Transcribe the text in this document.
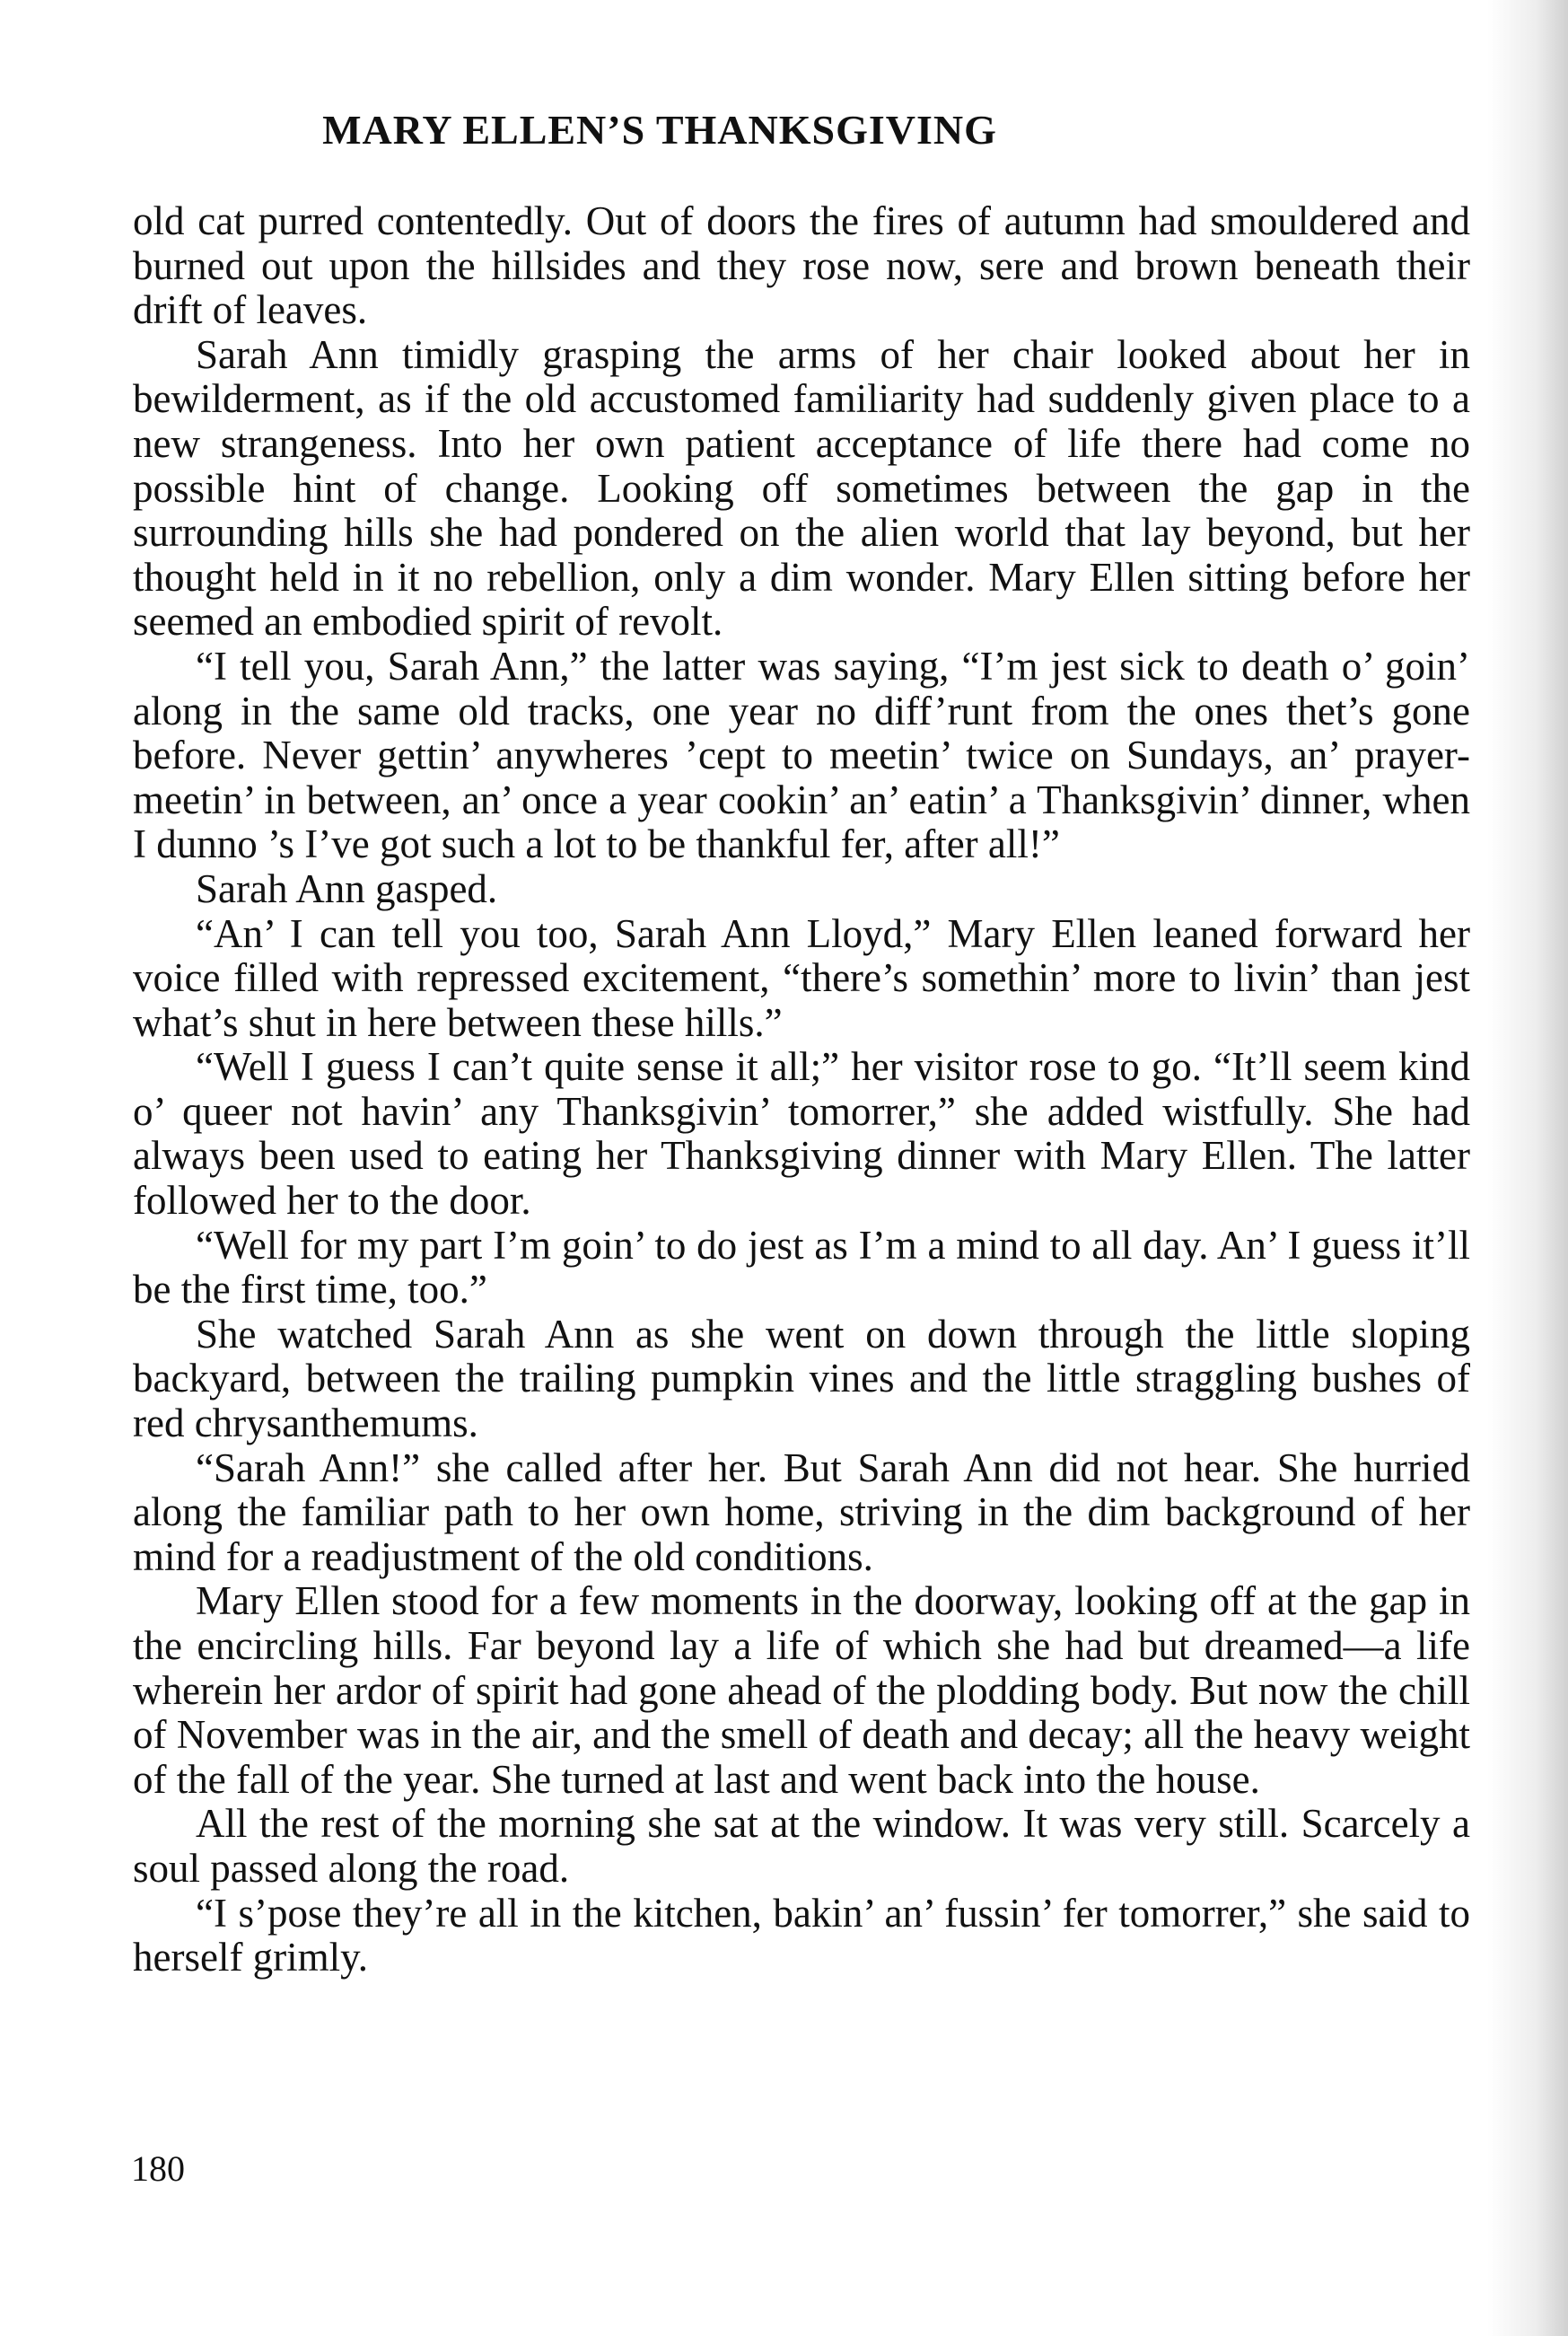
MARY ELLEN’S THANKSGIVING

old cat purred contentedly. Out of doors the fires of autumn had smouldered and burned out upon the hillsides and they rose now, sere and brown beneath their drift of leaves.

Sarah Ann timidly grasping the arms of her chair looked about her in bewilderment, as if the old accustomed familiarity had suddenly given place to a new strangeness. Into her own patient acceptance of life there had come no possible hint of change. Looking off sometimes between the gap in the surrounding hills she had pondered on the alien world that lay beyond, but her thought held in it no rebellion, only a dim wonder. Mary Ellen sitting before her seemed an embodied spirit of revolt.

“I tell you, Sarah Ann,” the latter was saying, “I’m jest sick to death o’ goin’ along in the same old tracks, one year no diff’runt from the ones thet’s gone before. Never gettin’ anywheres ’cept to meetin’ twice on Sundays, an’ prayer-meetin’ in between, an’ once a year cookin’ an’ eatin’ a Thanksgivin’ dinner, when I dunno ’s I’ve got such a lot to be thankful fer, after all!”

Sarah Ann gasped.

“An’ I can tell you too, Sarah Ann Lloyd,” Mary Ellen leaned forward her voice filled with repressed excitement, “there’s somethin’ more to livin’ than jest what’s shut in here between these hills.”

“Well I guess I can’t quite sense it all;” her visitor rose to go. “It’ll seem kind o’ queer not havin’ any Thanksgivin’ tomorrer,” she added wistfully. She had always been used to eating her Thanksgiving dinner with Mary Ellen. The latter followed her to the door.

“Well for my part I’m goin’ to do jest as I’m a mind to all day. An’ I guess it’ll be the first time, too.”

She watched Sarah Ann as she went on down through the little sloping backyard, between the trailing pumpkin vines and the little straggling bushes of red chrysanthemums.

“Sarah Ann!” she called after her. But Sarah Ann did not hear. She hurried along the familiar path to her own home, striving in the dim background of her mind for a readjustment of the old conditions.

Mary Ellen stood for a few moments in the doorway, looking off at the gap in the encircling hills. Far beyond lay a life of which she had but dreamed—a life wherein her ardor of spirit had gone ahead of the plodding body. But now the chill of November was in the air, and the smell of death and decay; all the heavy weight of the fall of the year. She turned at last and went back into the house.

All the rest of the morning she sat at the window. It was very still. Scarcely a soul passed along the road.

“I s’pose they’re all in the kitchen, bakin’ an’ fussin’ fer tomorrer,” she said to herself grimly.

180
